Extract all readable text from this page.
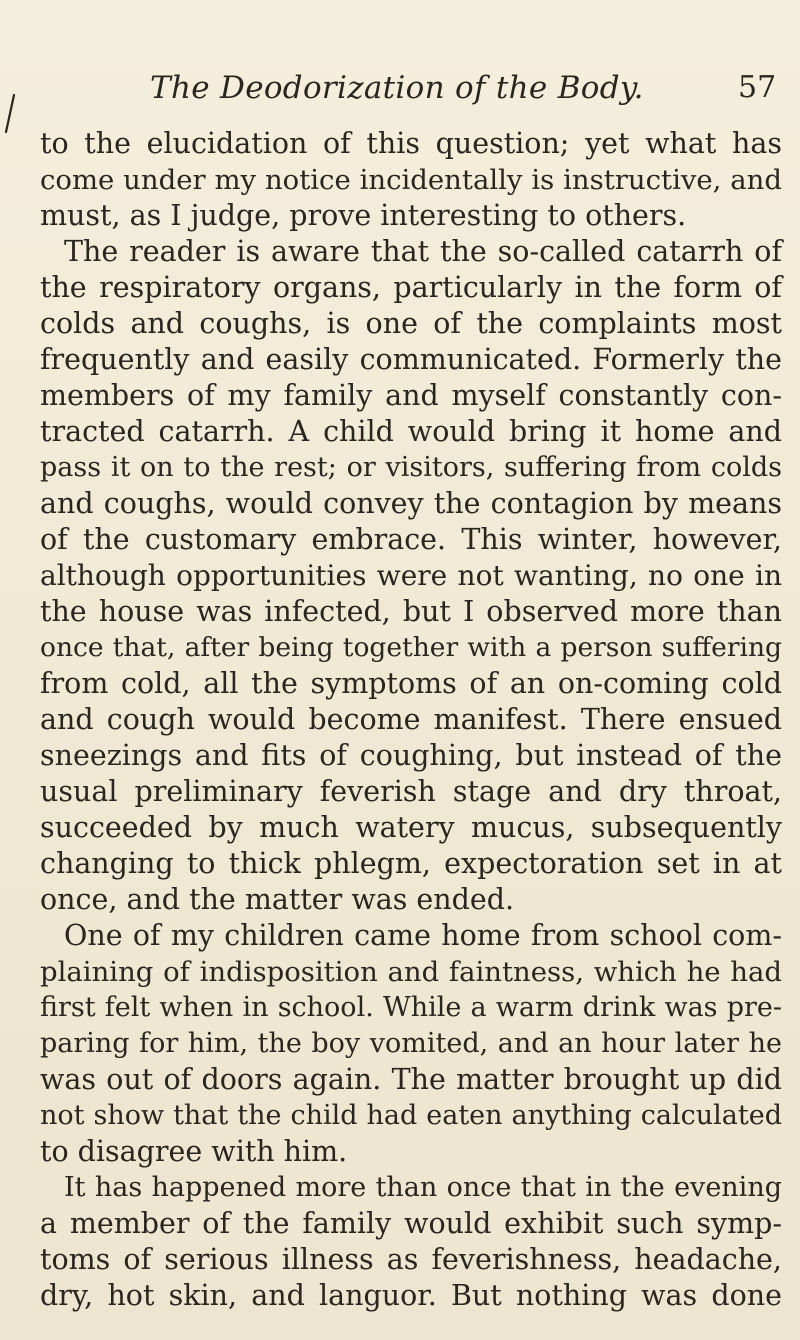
The Deodorization of the Body.	57
to the elucidation of this question; yet what has
come under my notice incidentally is instructive, and
must, as I judge, prove interesting to others.
The reader is aware that the so-called catarrh of
the respiratory organs, particularly in the form of
colds and coughs, is one of the complaints most
frequently and easily communicated. Formerly the
members of my family and myself constantly con-
tracted catarrh. A child would bring it home and
pass it on to the rest; or visitors, suffering from colds
and coughs, would convey the contagion by means
of the customary embrace. This winter, however,
although opportunities were not wanting, no one in
the house was infected, but I observed more than
once that, after being together with a person suffering
from cold, all the symptoms of an on-coming cold
and cough would become manifest. There ensued
sneezings and fits of coughing, but instead of the
usual preliminary feverish stage and dry throat,
succeeded by much watery mucus, subsequently
changing to thick phlegm, expectoration set in at
once, and the matter was ended.
One of my children came home from school com-
plaining of indisposition and faintness, which he had
first felt when in school. While a warm drink was pre-
paring for him, the boy vomited, and an hour later he
was out of doors again. The matter brought up did
not show that the child had eaten anything calculated
to disagree with him.
It has happened more than once that in the evening
a member of the family would exhibit such symp-
toms of serious illness as feverishness, headache,
dry, hot skin, and languor. But nothing was done
